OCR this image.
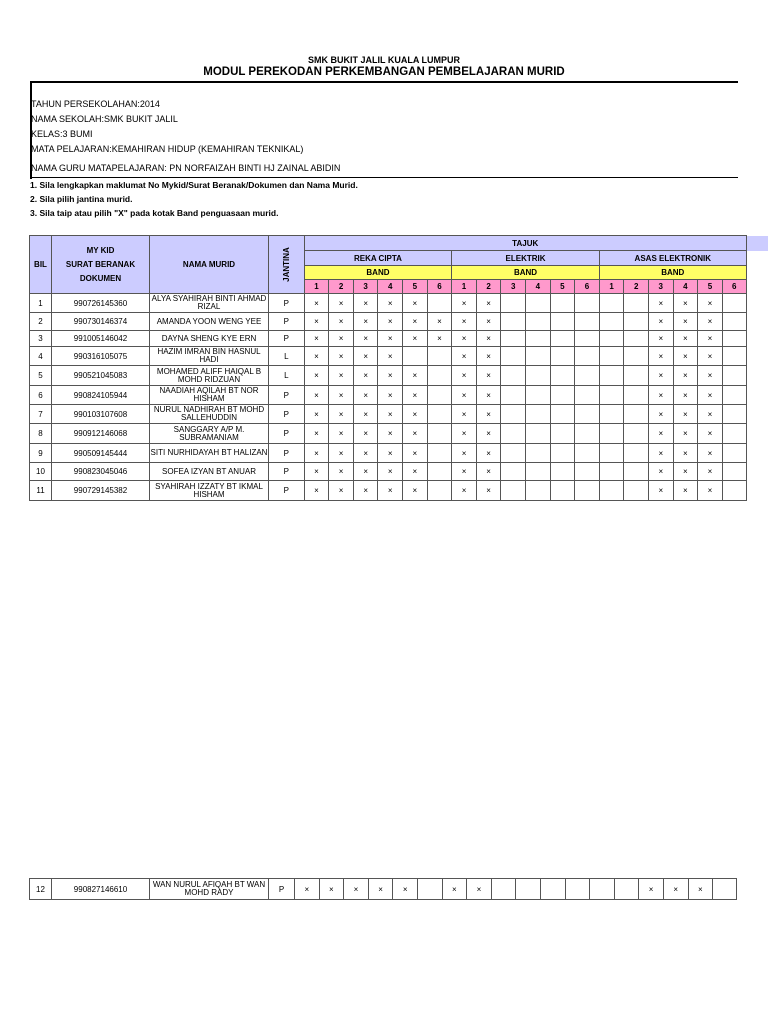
SMK BUKIT JALIL KUALA LUMPUR
MODUL PEREKODAN PERKEMBANGAN PEMBELAJARAN MURID
TAHUN PERSEKOLAHAN:2014
NAMA SEKOLAH:SMK BUKIT JALIL
KELAS:3 BUMI
MATA PELAJARAN:KEMAHIRAN HIDUP (KEMAHIRAN TEKNIKAL)
NAMA GURU MATAPELAJARAN: PN NORFAIZAH BINTI HJ ZAINAL ABIDIN
1. Sila lengkapkan maklumat No Mykid/Surat Beranak/Dokumen dan Nama Murid.
2. Sila pilih jantina murid.
3. Sila taip atau pilih "X" pada kotak Band penguasaan murid.
BIL	MY KID
SURAT BERANAK
DOKUMEN	NAMA MURID	JANTINA	TAJUK																	
				REKA CIPTA						ELEKTRIK						ASAS ELEKTRONIK					
				BAND						BAND						BAND					
				1	2	3	4	5	6	1	2	3	4	5	6	1	2	3	4	5	6
1	990726145360	ALYA SYAHIRAH BINTI AHMAD RIZAL	P	×	×	×	×	×		×	×							×	×	×	
2	990730146374	AMANDA YOON WENG YEE	P	×	×	×	×	×	×	×	×							×	×	×	
3	991005146042	DAYNA SHENG KYE ERN	P	×	×	×	×	×	×	×	×							×	×	×	
4	990316105075	HAZIM IMRAN BIN HASNUL HADI	L	×	×	×	×			×	×							×	×	×	
5	990521045083	MOHAMED ALIFF HAIQAL B MOHD RIDZUAN	L	×	×	×	×	×		×	×							×	×	×	
6	990824105944	NAADIAH AQILAH BT NOR HISHAM	P	×	×	×	×	×		×	×							×	×	×	
7	990103107608	NURUL NADHIRAH BT MOHD SALLEHUDDIN	P	×	×	×	×	×		×	×							×	×	×	
8	990912146068	SANGGARY A/P M. SUBRAMANIAM	P	×	×	×	×	×		×	×							×	×	×	
9	990509145444	SITI NURHIDAYAH BT HALIZAN	P	×	×	×	×	×		×	×							×	×	×	
10	990823045046	SOFEA IZYAN BT ANUAR	P	×	×	×	×	×		×	×							×	×	×	
11	990729145382	SYAHIRAH IZZATY BT IKMAL HISHAM	P	×	×	×	×	×		×	×							×	×	×	
12	990827146610	WAN NURUL AFIQAH BT WAN MOHD RADY	P	×	×	×	×	×		×	×							×	×	×	
